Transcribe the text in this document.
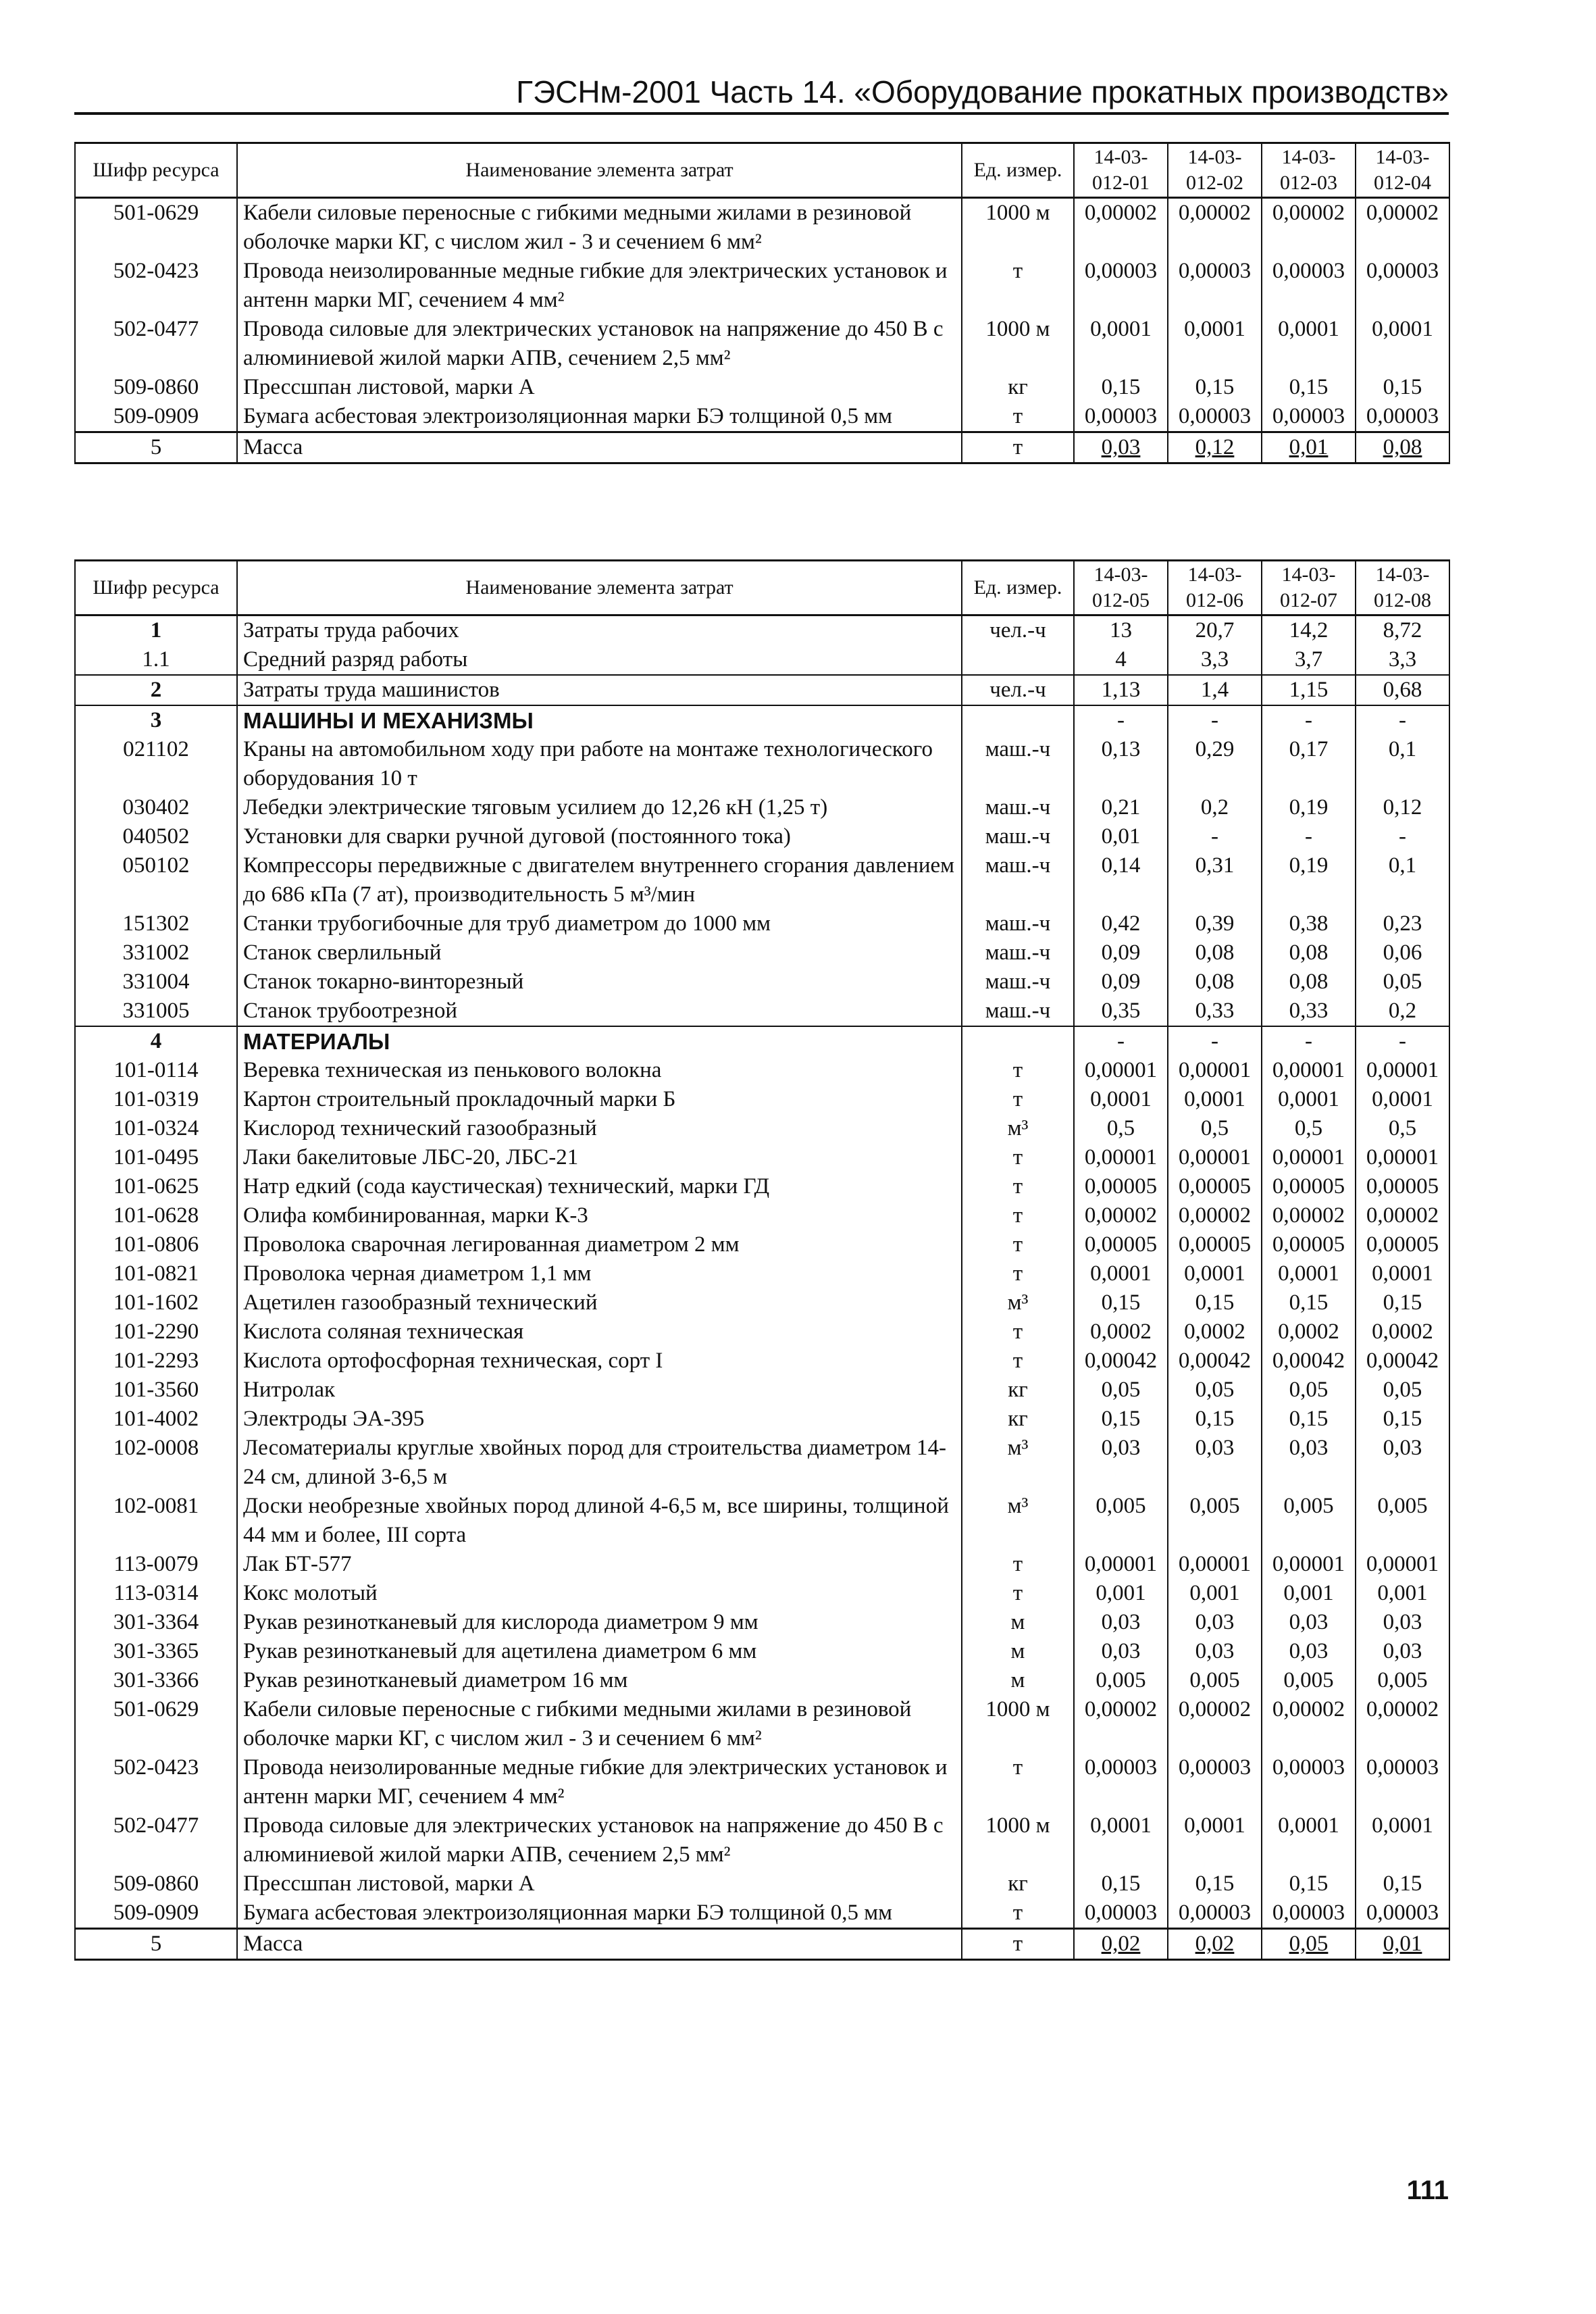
ГЭСНм-2001 Часть 14. «Оборудование прокатных производств»
Шифр ресурса	Наименование элемента затрат	Ед. измер.	14-03-012-01	14-03-012-02	14-03-012-03	14-03-012-04
501-0629	Кабели силовые переносные с гибкими медными жилами в резиновой оболочке марки КГ, с числом жил - 3 и сечением 6 мм²	1000 м	0,00002	0,00002	0,00002	0,00002
502-0423	Провода неизолированные медные гибкие для электрических установок и антенн марки МГ, сечением 4 мм²	т	0,00003	0,00003	0,00003	0,00003
502-0477	Провода силовые для электрических установок на напряжение до 450 В с алюминиевой жилой марки АПВ, сечением 2,5 мм²	1000 м	0,0001	0,0001	0,0001	0,0001
509-0860	Прессшпан листовой, марки А	кг	0,15	0,15	0,15	0,15
509-0909	Бумага асбестовая электроизоляционная марки БЭ толщиной 0,5 мм	т	0,00003	0,00003	0,00003	0,00003
5	Масса	т	0,03	0,12	0,01	0,08
Шифр ресурса	Наименование элемента затрат	Ед. измер.	14-03-012-05	14-03-012-06	14-03-012-07	14-03-012-08
1	Затраты труда рабочих	чел.-ч	13	20,7	14,2	8,72
1.1	Средний разряд работы		4	3,3	3,7	3,3
2	Затраты труда машинистов	чел.-ч	1,13	1,4	1,15	0,68
3	МАШИНЫ И МЕХАНИЗМЫ		-	-	-	-
021102	Краны на автомобильном ходу при работе на монтаже технологического оборудования 10 т	маш.-ч	0,13	0,29	0,17	0,1
030402	Лебедки электрические тяговым усилием до 12,26 кН (1,25 т)	маш.-ч	0,21	0,2	0,19	0,12
040502	Установки для сварки ручной дуговой (постоянного тока)	маш.-ч	0,01	-	-	-
050102	Компрессоры передвижные с двигателем внутреннего сгорания давлением до 686 кПа (7 ат), производительность 5 м³/мин	маш.-ч	0,14	0,31	0,19	0,1
151302	Станки трубогибочные для труб диаметром до 1000 мм	маш.-ч	0,42	0,39	0,38	0,23
331002	Станок сверлильный	маш.-ч	0,09	0,08	0,08	0,06
331004	Станок токарно-винторезный	маш.-ч	0,09	0,08	0,08	0,05
331005	Станок трубоотрезной	маш.-ч	0,35	0,33	0,33	0,2
4	МАТЕРИАЛЫ		-	-	-	-
101-0114	Веревка техническая из пенькового волокна	т	0,00001	0,00001	0,00001	0,00001
101-0319	Картон строительный прокладочный марки Б	т	0,0001	0,0001	0,0001	0,0001
101-0324	Кислород технический газообразный	м³	0,5	0,5	0,5	0,5
101-0495	Лаки бакелитовые ЛБС-20, ЛБС-21	т	0,00001	0,00001	0,00001	0,00001
101-0625	Натр едкий (сода каустическая) технический, марки ГД	т	0,00005	0,00005	0,00005	0,00005
101-0628	Олифа комбинированная, марки К-3	т	0,00002	0,00002	0,00002	0,00002
101-0806	Проволока сварочная легированная диаметром 2 мм	т	0,00005	0,00005	0,00005	0,00005
101-0821	Проволока черная диаметром 1,1 мм	т	0,0001	0,0001	0,0001	0,0001
101-1602	Ацетилен газообразный технический	м³	0,15	0,15	0,15	0,15
101-2290	Кислота соляная техническая	т	0,0002	0,0002	0,0002	0,0002
101-2293	Кислота ортофосфорная техническая, сорт I	т	0,00042	0,00042	0,00042	0,00042
101-3560	Нитролак	кг	0,05	0,05	0,05	0,05
101-4002	Электроды ЭА-395	кг	0,15	0,15	0,15	0,15
102-0008	Лесоматериалы круглые хвойных пород для строительства диаметром 14-24 см, длиной 3-6,5 м	м³	0,03	0,03	0,03	0,03
102-0081	Доски необрезные хвойных пород длиной 4-6,5 м, все ширины, толщиной 44 мм и более, III сорта	м³	0,005	0,005	0,005	0,005
113-0079	Лак БТ-577	т	0,00001	0,00001	0,00001	0,00001
113-0314	Кокс молотый	т	0,001	0,001	0,001	0,001
301-3364	Рукав резинотканевый для кислорода диаметром 9 мм	м	0,03	0,03	0,03	0,03
301-3365	Рукав резинотканевый для ацетилена диаметром 6 мм	м	0,03	0,03	0,03	0,03
301-3366	Рукав резинотканевый диаметром 16 мм	м	0,005	0,005	0,005	0,005
501-0629	Кабели силовые переносные с гибкими медными жилами в резиновой оболочке марки КГ, с числом жил - 3 и сечением 6 мм²	1000 м	0,00002	0,00002	0,00002	0,00002
502-0423	Провода неизолированные медные гибкие для электрических установок и антенн марки МГ, сечением 4 мм²	т	0,00003	0,00003	0,00003	0,00003
502-0477	Провода силовые для электрических установок на напряжение до 450 В с алюминиевой жилой марки АПВ, сечением 2,5 мм²	1000 м	0,0001	0,0001	0,0001	0,0001
509-0860	Прессшпан листовой, марки А	кг	0,15	0,15	0,15	0,15
509-0909	Бумага асбестовая электроизоляционная марки БЭ толщиной 0,5 мм	т	0,00003	0,00003	0,00003	0,00003
5	Масса	т	0,02	0,02	0,05	0,01
111
